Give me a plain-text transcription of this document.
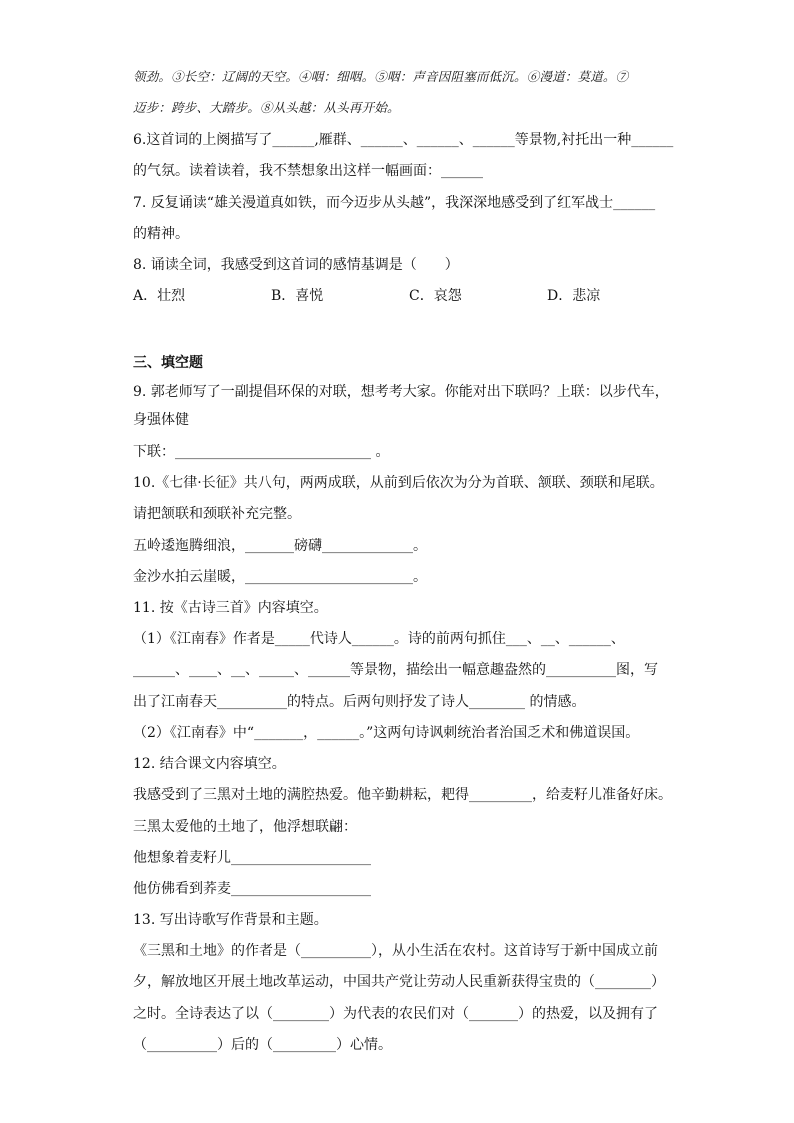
领劲。③长空：辽阔的天空。④咽：细咽。⑤咽：声音因阻塞而低沉。⑥漫道：莫道。⑦
迈步：跨步、大踏步。⑧从头越：从头再开始。
6.这首词的上阕描写了______,雁群、______、______、______等景物,衬托出一种______
的气氛。读着读着，我不禁想象出这样一幅画面：______
7. 反复诵读“雄关漫道真如铁，而今迈步从头越”，我深深地感受到了红军战士______
的精神。
8. 诵读全词，我感受到这首词的感情基调是（　　）
A．壮烈	B．喜悦	C．哀怨	D．悲凉
三、填空题
9. 郭老师写了一副提倡环保的对联，想考考大家。你能对出下联吗？上联：以步代车，
身强体健
下联：____________________________ 。
10.《七律·长征》共八句，两两成联，从前到后依次为分为首联、颔联、颈联和尾联。
请把颔联和颈联补充完整。
五岭逶迤腾细浪，_______磅礴_____________。
金沙水拍云崖暖，________________________。
11. 按《古诗三首》内容填空。
（1）《江南春》作者是_____代诗人______。诗的前两句抓住___、__、______、
______、____、__、_____、______等景物，描绘出一幅意趣盎然的__________图，写
出了江南春天__________的特点。后两句则抒发了诗人________ 的情感。
（2）《江南春》中“_______，______。”这两句诗讽刺统治者治国乏术和佛道误国。
12. 结合课文内容填空。
我感受到了三黑对土地的满腔热爱。他辛勤耕耘，耙得_________，给麦籽儿准备好床。
三黑太爱他的土地了，他浮想联翩：
他想象着麦籽儿____________________
他仿佛看到荞麦____________________
13. 写出诗歌写作背景和主题。
《三黑和土地》的作者是（__________），从小生活在农村。这首诗写于新中国成立前
夕，解放地区开展土地改革运动，中国共产党让劳动人民重新获得宝贵的（________）
之时。全诗表达了以（________）为代表的农民们对（_______）的热爱，以及拥有了
（__________）后的（_________）心情。
